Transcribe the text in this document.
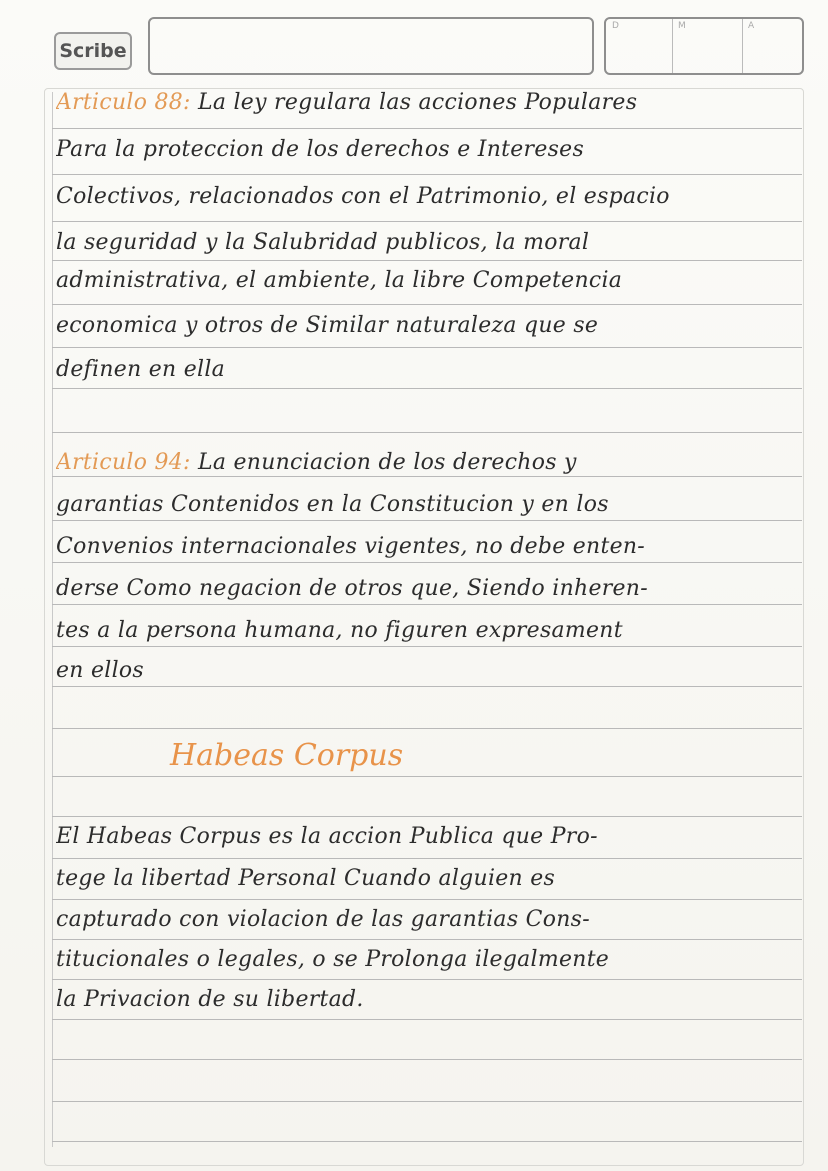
Scribe
D	M	A
Articulo 88: La ley regulara las acciones Populares
Para la proteccion de los derechos e Intereses
Colectivos, relacionados con el Patrimonio, el espacio
la seguridad y la Salubridad publicos, la moral
administrativa, el ambiente, la libre Competencia
economica y otros de Similar naturaleza que se
definen en ella
Articulo 94: La enunciacion de los derechos y
garantias Contenidos en la Constitucion y en los
Convenios internacionales vigentes, no debe enten-
derse Como negacion de otros que, Siendo inheren-
tes a la persona humana, no figuren expresament
en ellos
Habeas Corpus
El Habeas Corpus es la accion Publica que Pro-
tege la libertad Personal Cuando alguien es
capturado con violacion de las garantias Cons-
titucionales o legales, o se Prolonga ilegalmente
la Privacion de su libertad.
